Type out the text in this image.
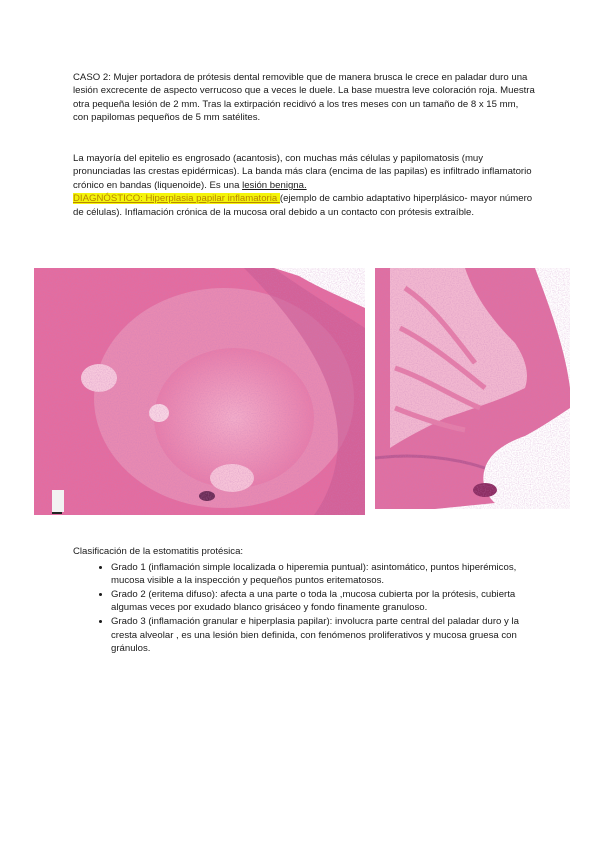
CASO 2: Mujer portadora de prótesis dental removible que de manera brusca le crece en paladar duro una lesión excrecente de aspecto verrucoso que a veces le duele. La base muestra leve coloración roja. Muestra otra pequeña lesión de 2 mm. Tras la extirpación recidivó a los tres meses con un tamaño de 8 x 15 mm, con papilomas pequeños de 5 mm satélites.
La mayoría del epitelio es engrosado (acantosis), con muchas más células y papilomatosis (muy pronunciadas las crestas epidérmicas). La banda más clara (encima de las papilas) es infiltrado inflamatorio crónico en bandas (liquenoide). Es una lesión benigna.
DIAGNÓSTICO: Hiperplasia papilar inflamatoria (ejemplo de cambio adaptativo hiperplásico- mayor número de células). Inflamación crónica de la mucosa oral debido a un contacto con prótesis extraíble.
Clasificación de la estomatitis protésica:
• Grado 1 (inflamación simple localizada o hiperemia puntual): asintomático, puntos hiperémicos, mucosa visible a la inspección y pequeños puntos eritematosos.
• Grado 2 (eritema difuso): afecta a una parte o toda la ,mucosa cubierta por la prótesis, cubierta algumas veces por exudado blanco grisáceo y fondo finamente granuloso.
• Grado 3 (inflamación granular e hiperplasia papilar): involucra parte central del paladar duro y la cresta alveolar , es una lesión bien definida, con fenómenos proliferativos y mucosa gruesa con gránulos.
